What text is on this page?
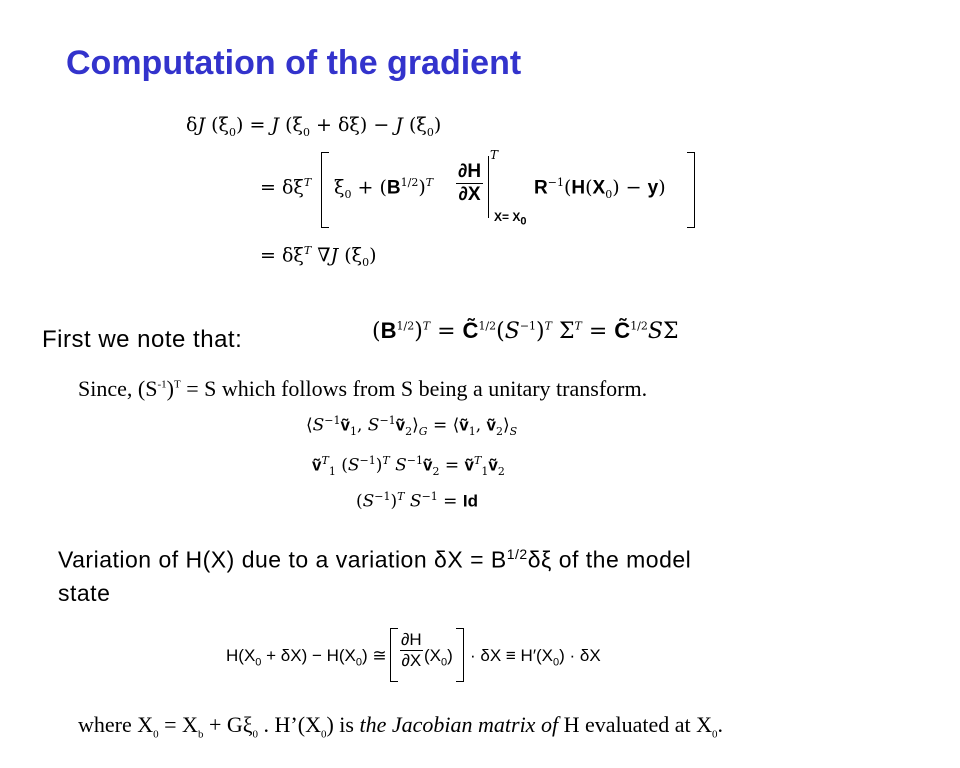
Computation of the gradient
δJ $(\xi_0) = J$ $(\xi_0 + \delta\xi) - J$ $(\xi_0)$
= $\delta\xi^T$ $\xi_0 + (B^{1/2})^T$
∂H
∂X
T
$X= X_0$
$R^{-1}(H(X_0) - y)$
= $\delta\xi^T$ ∇J $(\xi_0)$
First we note that:	$(B^{1/2})^T$ = $C̃^{1/2}(S^{-1})^T$ $\Sigma^T$ = C̃$^{1/2}$SΣ
Since, $(S^{-1})^T = S$ which follows from S being a unitary transform.
$⟨S^{-1}ṽ_1$, $S^{-1}ṽ_2⟩_G$ = ⟨ṽ$_1$, $ṽ_2⟩_S$
ṽ$^T_1$ $(S^{-1})^T$ $S^{-1}ṽ_2$ = ṽ$^T_1$ṽ$_2$
$(S^{-1})^T$ $S^{-1} = Id$
Variation of H(X) due to a variation $\delta X = B^{1/2}\delta\xi$ of the model
state
$H(X_0 + \delta X) - H(X_0)$ ≅
∂H
∂X $(X_0) \cdot \delta X \equiv H'(X_0) \cdot \delta X$
where $X_0 = X_b + G\xi_0$ . $H’(X_0)$ is the Jacobian matrix of H evaluated at $X_0$.
